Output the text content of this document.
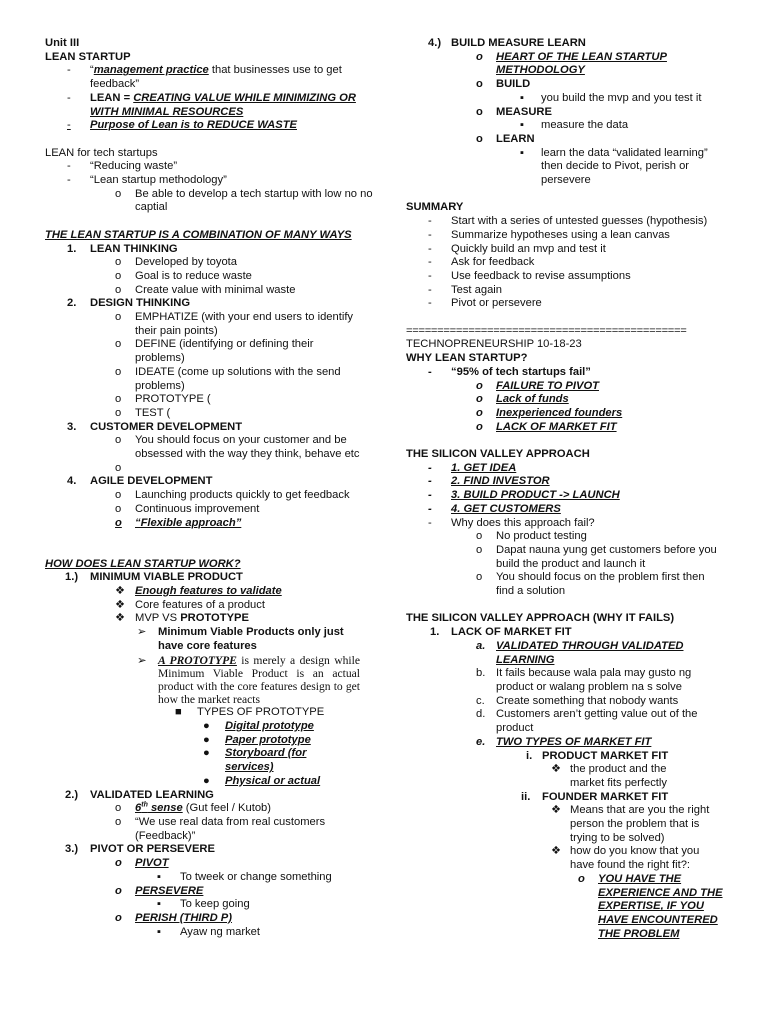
Unit III
LEAN STARTUP
- “management practice that businesses use to get feedback”
- LEAN = CREATING VALUE WHILE MINIMIZING OR WITH MINIMAL RESOURCES
- Purpose of Lean is to REDUCE WASTE
LEAN for tech startups
- “Reducing waste”
- “Lean startup methodology”
o Be able to develop a tech startup with low no no captial
THE LEAN STARTUP IS A COMBINATION OF MANY WAYS
1. LEAN THINKING
o Developed by toyota
o Goal is to reduce waste
o Create value with minimal waste
2. DESIGN THINKING
o EMPHATIZE (with your end users to identify their pain points)
o DEFINE (identifying or defining their problems)
o IDEATE (come up solutions with the send problems)
o PROTOTYPE (
o TEST (
3. CUSTOMER DEVELOPMENT
o You should focus on your customer and be obsessed with the way they think, behave etc
o
4. AGILE DEVELOPMENT
o Launching products quickly to get feedback
o Continuous improvement
o “Flexible approach”
HOW DOES LEAN STARTUP WORK?
1.) MINIMUM VIABLE PRODUCT
❖ Enough features to validate
❖ Core features of a product
❖ MVP VS PROTOTYPE
➢ Minimum Viable Products only just have core features
➢ A PROTOTYPE is merely a design while Minimum Viable Product is an actual product with the core features design to get how the market reacts
■ TYPES OF PROTOTYPE
● Digital prototype
● Paper prototype
● Storyboard (for services)
● Physical or actual
2.) VALIDATED LEARNING
o 6th sense (Gut feel / Kutob)
o “We use real data from real customers (Feedback)”
3.) PIVOT OR PERSEVERE
o PIVOT
▪ To tweek or change something
o PERSEVERE
▪ To keep going
o PERISH (THIRD P)
▪ Ayaw ng market
4.) BUILD MEASURE LEARN
o HEART OF THE LEAN STARTUP METHODOLOGY
o BUILD
▪ you build the mvp and you test it
o MEASURE
▪ measure the data
o LEARN
▪ learn the data “validated learning” then decide to Pivot, perish or persevere
SUMMARY
- Start with a series of untested guesses (hypothesis)
- Summarize hypotheses using a lean canvas
- Quickly build an mvp and test it
- Ask for feedback
- Use feedback to revise assumptions
- Test again
- Pivot or persevere
=============================================
TECHNOPRENEURSHIP 10-18-23
WHY LEAN STARTUP?
- “95% of tech startups fail”
o FAILURE TO PIVOT
o Lack of funds
o Inexperienced founders
o LACK OF MARKET FIT
THE SILICON VALLEY APPROACH
- 1. GET IDEA
- 2. FIND INVESTOR
- 3. BUILD PRODUCT -> LAUNCH
- 4. GET CUSTOMERS
- Why does this approach fail?
o No product testing
o Dapat nauna yung get customers before you build the product and launch it
o You should focus on the problem first then find a solution
THE SILICON VALLEY APPROACH (WHY IT FAILS)
1. LACK OF MARKET FIT
a. VALIDATED THROUGH VALIDATED LEARNING
b. It fails because wala pala may gusto ng product or walang problem na s solve
c. Create something that nobody wants
d. Customers aren’t getting value out of the product
e. TWO TYPES OF MARKET FIT
i. PRODUCT MARKET FIT
❖ the product and the market fits perfectly
ii. FOUNDER MARKET FIT
❖ Means that are you the right person the problem that is trying to be solved)
❖ how do you know that you have found the right fit?:
o YOU HAVE THE EXPERIENCE AND THE EXPERTISE, IF YOU HAVE ENCOUNTERED THE PROBLEM
